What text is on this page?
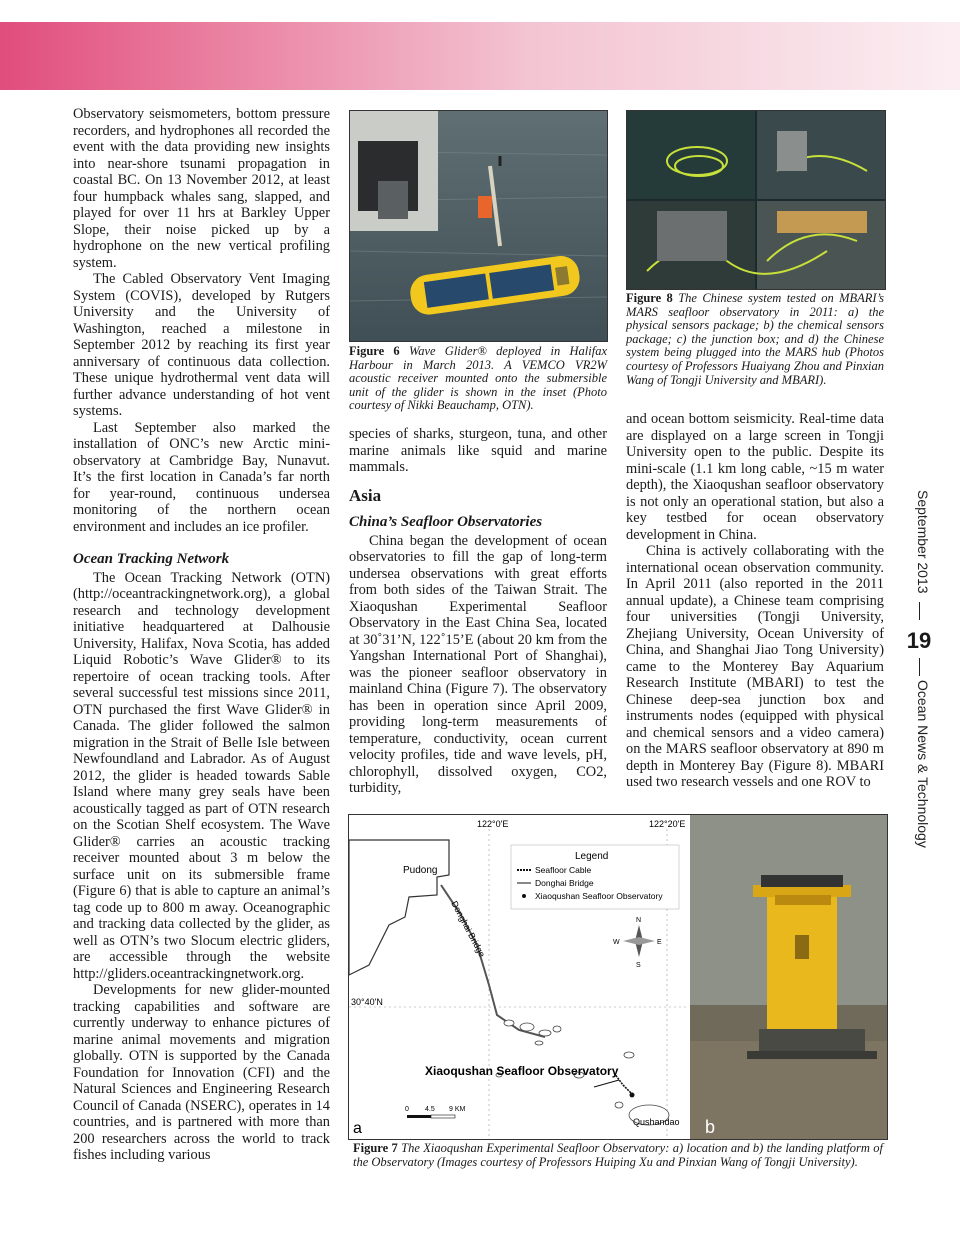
Observatory seismometers, bottom pressure recorders, and hydrophones all recorded the event with the data providing new insights into near-shore tsunami propagation in coastal BC. On 13 November 2012, at least four humpback whales sang, slapped, and played for over 11 hrs at Barkley Upper Slope, their noise picked up by a hydrophone on the new vertical profiling system.

The Cabled Observatory Vent Imaging System (COVIS), developed by Rutgers University and the University of Washington, reached a milestone in September 2012 by reaching its first year anniversary of continuous data collection. These unique hydrothermal vent data will further advance understanding of hot vent systems.

Last September also marked the installation of ONC’s new Arctic mini-observatory at Cambridge Bay, Nunavut. It’s the first location in Canada’s far north for year-round, continuous undersea monitoring of the northern ocean environment and includes an ice profiler.

Ocean Tracking Network

The Ocean Tracking Network (OTN) (http://oceantrackingnetwork.org), a global research and technology development initiative headquartered at Dalhousie University, Halifax, Nova Scotia, has added Liquid Robotic’s Wave Glider® to its repertoire of ocean tracking tools. After several successful test missions since 2011, OTN purchased the first Wave Glider® in Canada. The glider followed the salmon migration in the Strait of Belle Isle between Newfoundland and Labrador. As of August 2012, the glider is headed towards Sable Island where many grey seals have been acoustically tagged as part of OTN research on the Scotian Shelf ecosystem. The Wave Glider® carries an acoustic tracking receiver mounted about 3 m below the surface unit on its submersible frame (Figure 6) that is able to capture an animal’s tag code up to 800 m away. Oceanographic and tracking data collected by the glider, as well as OTN’s two Slocum electric gliders, are accessible through the website http://gliders.oceantrackingnetwork.org.

Developments for new glider-mounted tracking capabilities and software are currently underway to enhance pictures of marine animal movements and migration globally. OTN is supported by the Canada Foundation for Innovation (CFI) and the Natural Sciences and Engineering Research Council of Canada (NSERC), operates in 14 countries, and is partnered with more than 200 researchers across the world to track fishes including various

Figure 6 Wave Glider® deployed in Halifax Harbour in March 2013. A VEMCO VR2W acoustic receiver mounted onto the submersible unit of the glider is shown in the inset (Photo courtesy of Nikki Beauchamp, OTN).

species of sharks, sturgeon, tuna, and other marine animals like squid and marine mammals.

Asia
China’s Seafloor Observatories

China began the development of ocean observatories to fill the gap of long-term undersea observations with great efforts from both sides of the Taiwan Strait. The Xiaoqushan Experimental Seafloor Observatory in the East China Sea, located at 30˚31’N, 122˚15’E (about 20 km from the Yangshan International Port of Shanghai), was the pioneer seafloor observatory in mainland China (Figure 7). The observatory has been in operation since April 2009, providing long-term measurements of temperature, conductivity, ocean current velocity profiles, tide and wave levels, pH, chlorophyll, dissolved oxygen, CO2, turbidity,

Figure 8 The Chinese system tested on MBARI’s MARS seafloor observatory in 2011: a) the physical sensors package; b) the chemical sensors package; c) the junction box; and d) the Chinese system being plugged into the MARS hub (Photos courtesy of Professors Huaiyang Zhou and Pinxian Wang of Tongji University and MBARI).

and ocean bottom seismicity. Real-time data are displayed on a large screen in Tongji University open to the public. Despite its mini-scale (1.1 km long cable, ~15 m water depth), the Xiaoqushan seafloor observatory is not only an operational station, but also a key testbed for ocean observatory development in China.

China is actively collaborating with the international ocean observation community. In April 2011 (also reported in the 2011 annual update), a Chinese team comprising four universities (Tongji University, Zhejiang University, Ocean University of China, and Shanghai Jiao Tong University) came to the Monterey Bay Aquarium Research Institute (MBARI) to test the Chinese deep-sea junction box and instruments nodes (equipped with physical and chemical sensors and a video camera) on the MARS seafloor observatory at 890 m depth in Monterey Bay (Figure 8). MBARI used two research vessels and one ROV to

September 2013
19
Ocean News & Technology
122°0'E	122°20'E
30°40'N
Pudong
Donghai Bridge
Xiaoqushan Seafloor Observatory
Qushandao
Legend
Seafloor Cable
Donghai Bridge
Xiaoqushan Seafloor Observatory
N
E
S
W
0 4.5 9 KM
a	b
Figure 7 The Xiaoqushan Experimental Seafloor Observatory: a) location and b) the landing platform of the Observatory (Images courtesy of Professors Huiping Xu and Pinxian Wang of Tongji University).
